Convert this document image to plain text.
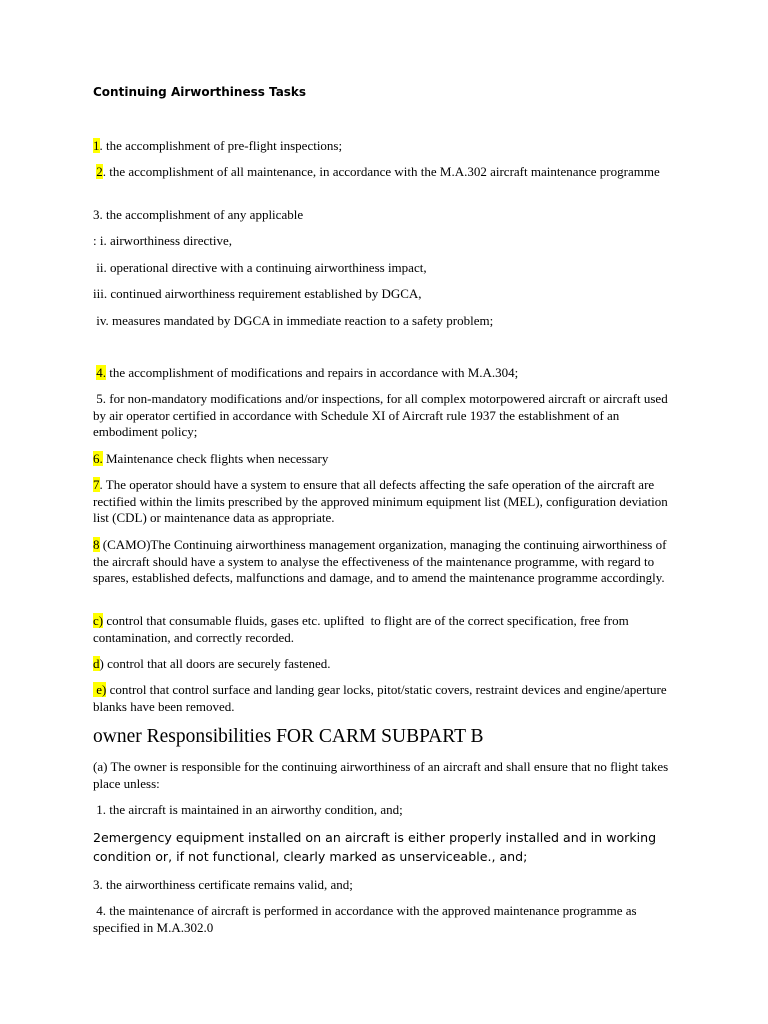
Continuing Airworthiness Tasks

1. the accomplishment of pre-flight inspections;

2. the accomplishment of all maintenance, in accordance with the M.A.302 aircraft maintenance programme

3. the accomplishment of any applicable

: i. airworthiness directive,

ii. operational directive with a continuing airworthiness impact,

iii. continued airworthiness requirement established by DGCA,

iv. measures mandated by DGCA in immediate reaction to a safety problem;

4. the accomplishment of modifications and repairs in accordance with M.A.304;

5. for non-mandatory modifications and/or inspections, for all complex motorpowered aircraft or aircraft used by air operator certified in accordance with Schedule XI of Aircraft rule 1937 the establishment of an embodiment policy;

6. Maintenance check flights when necessary

7. The operator should have a system to ensure that all defects affecting the safe operation of the aircraft are rectified within the limits prescribed by the approved minimum equipment list (MEL), configuration deviation list (CDL) or maintenance data as appropriate.

8 (CAMO)The Continuing airworthiness management organization, managing the continuing airworthiness of the aircraft should have a system to analyse the effectiveness of the maintenance programme, with regard to spares, established defects, malfunctions and damage, and to amend the maintenance programme accordingly.

c) control that consumable fluids, gases etc. uplifted  to flight are of the correct specification, free from contamination, and correctly recorded.

d) control that all doors are securely fastened.

e) control that control surface and landing gear locks, pitot/static covers, restraint devices and engine/aperture blanks have been removed.

owner Responsibilities FOR CARM SUBPART B

(a) The owner is responsible for the continuing airworthiness of an aircraft and shall ensure that no flight takes place unless:

1. the aircraft is maintained in an airworthy condition, and;

2emergency equipment installed on an aircraft is either properly installed and in working condition or, if not functional, clearly marked as unserviceable., and;

3. the airworthiness certificate remains valid, and;

4. the maintenance of aircraft is performed in accordance with the approved maintenance programme as specified in M.A.302.0
